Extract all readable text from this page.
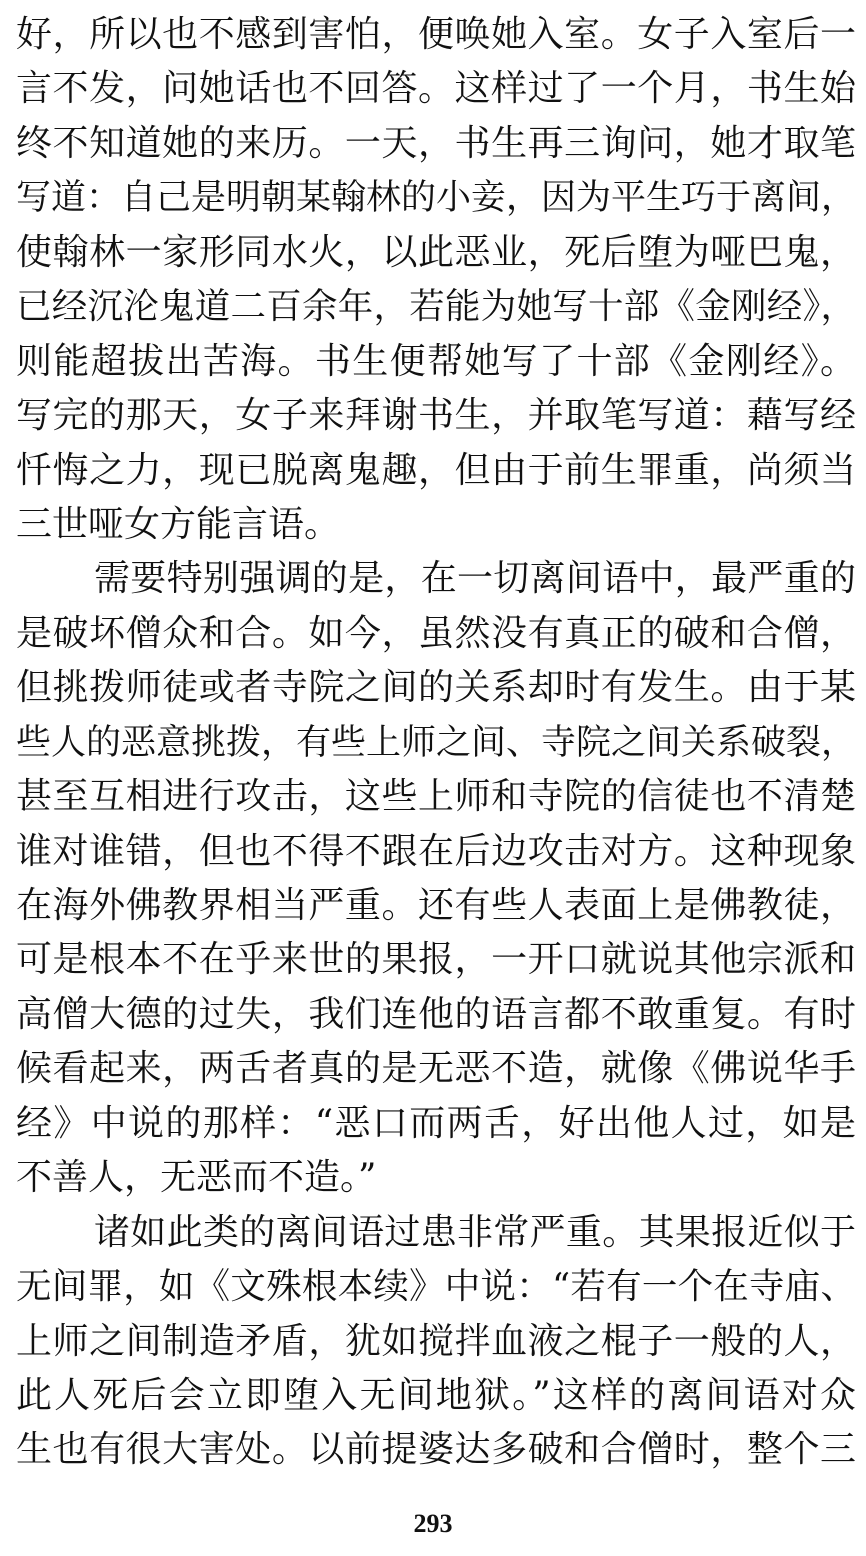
好，所以也不感到害怕，便唤她入室。女子入室后一
言不发，问她话也不回答。这样过了一个月，书生始
终不知道她的来历。一天，书生再三询问，她才取笔
写道：自己是明朝某翰林的小妾，因为平生巧于离间，
使翰林一家形同水火，以此恶业，死后堕为哑巴鬼，
已经沉沦鬼道二百余年，若能为她写十部《金刚经》，
则能超拔出苦海。书生便帮她写了十部《金刚经》。
写完的那天，女子来拜谢书生，并取笔写道：藉写经
忏悔之力，现已脱离鬼趣，但由于前生罪重，尚须当
三世哑女方能言语。
需要特别强调的是，在一切离间语中，最严重的
是破坏僧众和合。如今，虽然没有真正的破和合僧，
但挑拨师徒或者寺院之间的关系却时有发生。由于某
些人的恶意挑拨，有些上师之间、寺院之间关系破裂，
甚至互相进行攻击，这些上师和寺院的信徒也不清楚
谁对谁错，但也不得不跟在后边攻击对方。这种现象
在海外佛教界相当严重。还有些人表面上是佛教徒，
可是根本不在乎来世的果报，一开口就说其他宗派和
高僧大德的过失，我们连他的语言都不敢重复。有时
候看起来，两舌者真的是无恶不造，就像《佛说华手
经》中说的那样：“恶口而两舌，好出他人过，如是
不善人，无恶而不造。”
诸如此类的离间语过患非常严重。其果报近似于
无间罪，如《文殊根本续》中说：“若有一个在寺庙、
上师之间制造矛盾，犹如搅拌血液之棍子一般的人，
此人死后会立即堕入无间地狱。”这样的离间语对众
生也有很大害处。以前提婆达多破和合僧时，整个三
293
